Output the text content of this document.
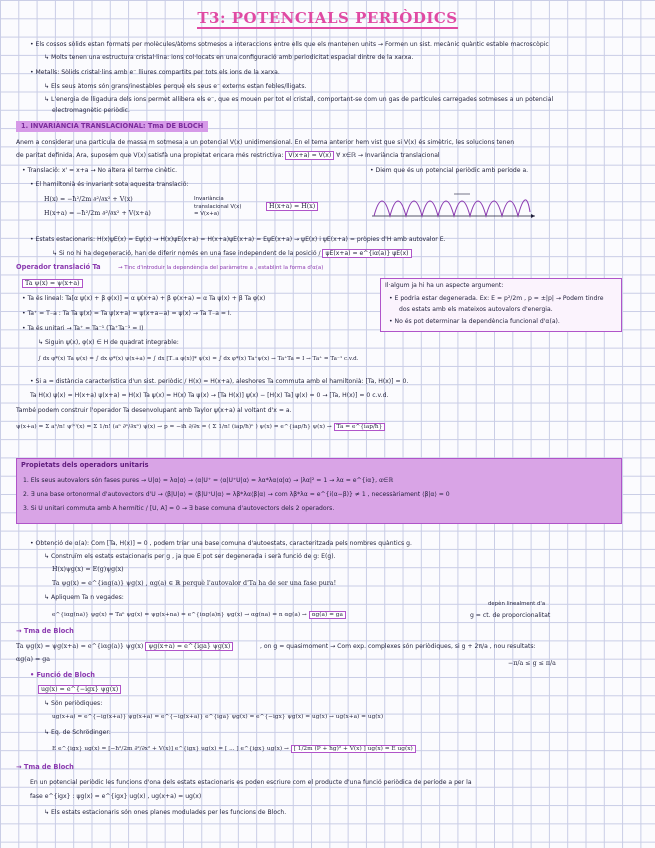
T3: POTENCIALS PERIÒDICS
• Els cossos sòlids estan formats per molècules/àtoms sotmesos a interaccions entre ells que els mantenen units → Formen un sist. mecànic quàntic estable macroscòpic
↳ Molts tenen una estructura cristal·lina: ions col·locats en una configuració amb periodicitat espacial dintre de la xarxa.
• Metalls: Sòlids cristal·lins amb e⁻ lliures compartits per tots els ions de la xarxa.
↳ Els seus àtoms són grans/inestables perquè els seus e⁻ externs estan febles/lligats.
↳ L'energia de lligadura dels ions permet allibera els e⁻, que es mouen per tot el cristall, comportant-se com un gas de partícules carregades sotmeses a un potencial
electromagnètic periòdic.
1. INVARIÀNCIA TRANSLACIONAL: Tma DE BLOCH
Anem a considerar una partícula de massa m sotmesa a un potencial V(x) unidimensional. En el tema anterior hem vist que si V(x) és simètric, les solucions tenen
de paritat definida. Ara, suposem que V(x) satisfà una propietat encara més restrictiva: V(x+a) = V(x) ∀ x∈ℝ → Invariància translacional
• Translació: x' = x+a → No altera el terme cinètic.	• Diem que és un potencial periòdic amb període a.
• El hamiltonià és invariant sota aquesta translació:
H(x) = −ħ²/2m ∂²/∂x² + V(x)
H(x+a) = −ħ²/2m ∂²/∂x² + V(x+a)
Invariància translacional V(x) = V(x+a)
H(x+a) = H(x)
• Estats estacionaris: H(x)ψE(x) = Eψ(x) → H(x)ψE(x+a) = H(x+a)ψE(x+a) = EψE(x+a) → ψE(x) i ψE(x+a) = pròpies d'H amb autovalor E.
↳ Si no hi ha degeneració, han de diferir només en una fase independent de la posició / ψE(x+a) = e^{iα(a)} ψE(x)
Operador translació Ta	→ Tinc d'introduir la dependència del paràmetre a , establint la forma d'α(a)
Ta ψ(x) = ψ(x+a)
• Ta és lineal: Ta[α ψ(x) + β φ(x)] = α ψ(x+a) + β φ(x+a) = α Ta ψ(x) + β Ta φ(x)
• Ta⁺ = T₋a : Ta Ta ψ(x) = Ta ψ(x+a) = ψ(x+a−a) = ψ(x) → Ta T₋a = I.
• Ta és unitari → Ta⁺ = Ta⁻¹ (Ta⁺Ta⁻¹ = I)
↳ Siguin ψ(x), φ(x) ∈ H de quadrat integrable:
∫ dx φ*(x) Ta ψ(x) = ∫ dx φ*(x) ψ(x+a) = ∫ dx [T₋a φ(x)]* ψ(x) = ∫ dx φ*(x) Ta⁺ψ(x) → Ta⁺Ta = I → Ta⁺ = Ta⁻¹ c.v.d.
Il·algum ja hi ha un aspecte argument:
• E podria estar degenerada. Ex: E = p²/2m , p = ±|p| → Podem tindre
dos estats amb els mateixos autovalors d'energia.
• No és pot determinar la dependència funcional d'α(a).
• Si a = distància característica d'un sist. periòdic / H(x) = H(x+a), aleshores Ta commuta amb el hamiltonià: [Ta, H(x)] = 0.
Ta H(x) ψ(x) = H(x+a) ψ(x+a) = H(x) Ta ψ(x) = H(x) Ta ψ(x) → [Ta H(x)] ψ(x) − [H(x) Ta] ψ(x) = 0 → [Ta, H(x)] = 0 c.v.d.
També podem construir l'operador Ta desenvolupant amb Taylor ψ(x+a) al voltant d'x = a.
ψ(x+a) = Σ aⁿ/n! ψ⁽ⁿ⁾(x) = Σ 1/n! (aⁿ ∂ⁿ/∂xⁿ) ψ(x) → p = −iħ ∂/∂x = ( Σ 1/n! (iap/ħ)ⁿ ) ψ(x) = e^{iap/ħ} ψ(x) → Ta = e^{iap/ħ}
Propietats dels operadors unitaris
1. Els seus autovalors són fases pures → U|α⟩ = λα|α⟩ → ⟨α|U⁺ = ⟨α|U⁺U|α⟩ = λα*λα⟨α|α⟩ → |λα|² = 1 → λα = e^{iα}, α∈ℝ
2. ∃ una base ortonormal d'autovectors d'U → ⟨β|U|α⟩ = ⟨β|U⁺U|α⟩ = λβ*λα⟨β|α⟩ → com λβ*λα = e^{i(α−β)} ≠ 1 , necessàriament ⟨β|α⟩ = 0
3. Si U unitari commuta amb A hermític / [U, A] = 0 → ∃ base comuna d'autovectors dels 2 operadors.
• Obtenció de α(a): Com [Ta, H(x)] = 0 , podem triar una base comuna d'autoestats, caracteritzada pels nombres quàntics g.
↳ Construïm els estats estacionaris per g , ja que E pot ser degenerada i serà funció de g: E(g).
H(x)ψg(x) = E(g)ψg(x)
Ta ψg(x) = e^{iαg(a)} ψg(x) , αg(a) ∈ ℝ perquè l'autovalor d'Ta ha de ser una fase pura!
↳ Apliquem Ta n vegades:
depèn linealment d'a
e^{iαg(na)} ψg(x) = Taⁿ ψg(x) = ψg(x+na) = e^{iαg(a)n} ψg(x) → αg(na) = n αg(a) → αg(a) = ga	g = ct. de proporcionalitat
→ Tma de Bloch
Ta ψg(x) = ψg(x+a) = e^{iαg(a)} ψg(x) ψg(x+a) = e^{iga} ψg(x)	, on g = quasimoment → Com exp. complexes són periòdiques, si g + 2π/a , nou resultats:
αg(a) = ga
−π/a ≤ g ≤ π/a
• Funció de Bloch
ug(x) = e^{−igx} ψg(x)
↳ Són periòdiques:
ug(x+a) = e^{−ig(x+a)} ψg(x+a) = e^{−ig(x+a)} e^{iga} ψg(x) = e^{−igx} ψg(x) = ug(x) → ug(x+a) = ug(x)
↳ Eq. de Schrödinger:
E e^{igx} ug(x) = [−ħ²/2m ∂²/∂x² + V(x)] e^{igx} ug(x) = [ ... ] e^{igx} ug(x) → [ 1/2m (P + ħg)² + V(x) ] ug(x) = E ug(x)
→ Tma de Bloch
En un potencial periòdic les funcions d'ona dels estats estacionaris es poden escriure com el producte d'una funció periòdica de període a per la
fase e^{igx} : ψg(x) = e^{igx} ug(x) , ug(x+a) = ug(x)
↳ Els estats estacionaris són ones planes modulades per les funcions de Bloch.
